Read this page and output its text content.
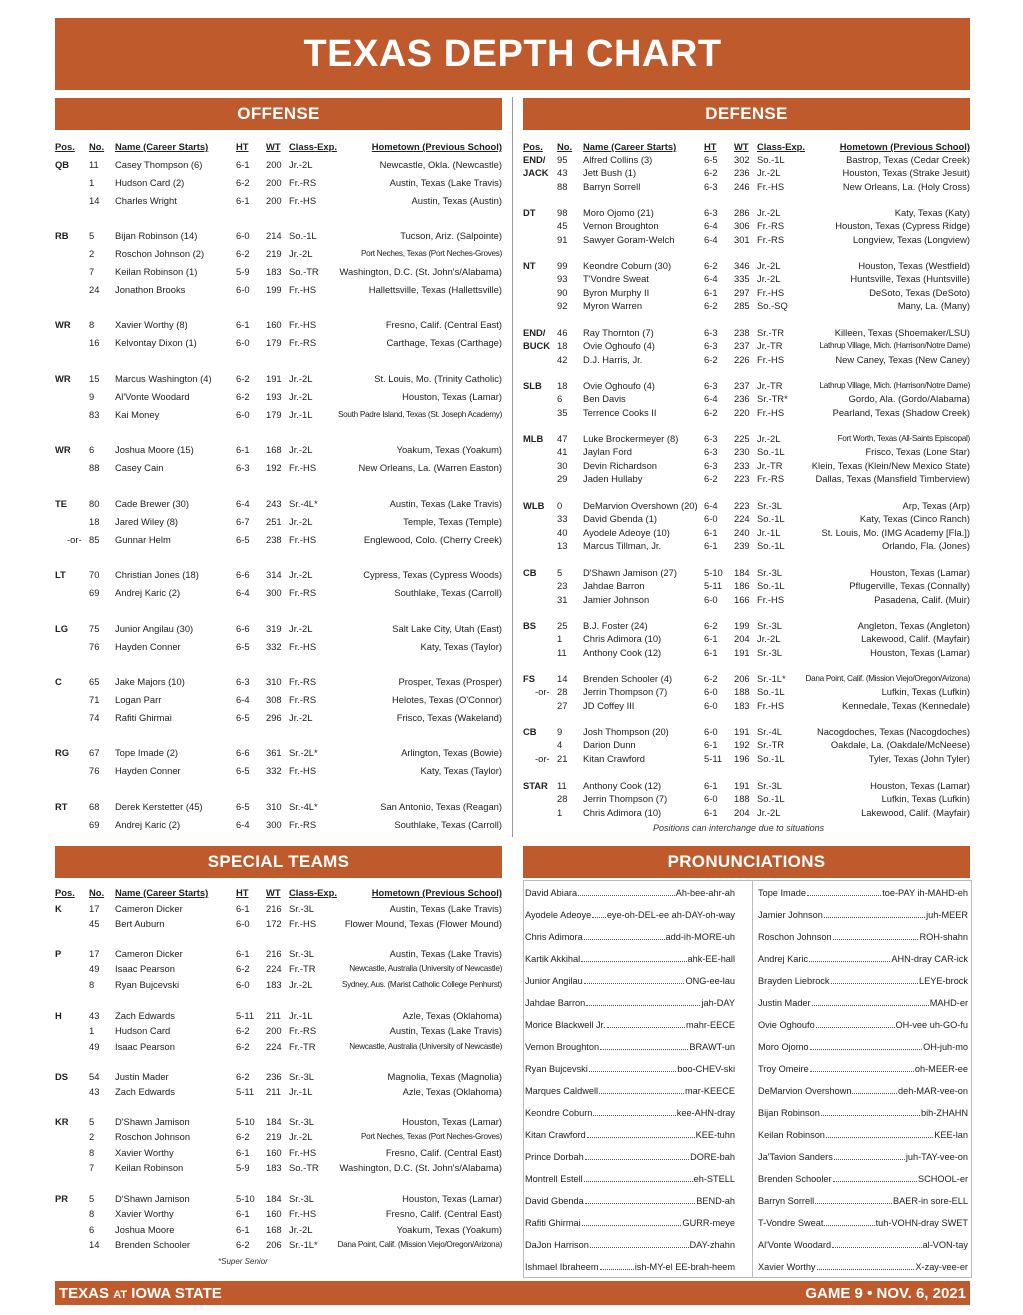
TEXAS DEPTH CHART
OFFENSE	DEFENSE
Pos. No. Name (Career Starts)	HT WT Class-Exp.	Hometown (Previous School)
QB 11 Casey Thompson (6)	6-1 200 Jr.-2L	Newcastle, Okla. (Newcastle)
1 Hudson Card (2)	6-2 200 Fr.-RS	Austin, Texas (Lake Travis)
14 Charles Wright	6-1 200 Fr.-HS	Austin, Texas (Austin)
RB 5 Bijan Robinson (14)	6-0 214 So.-1L	Tucson, Ariz. (Salpointe)
2 Roschon Johnson (2)	6-2 219 Jr.-2L	Port Neches, Texas (Port Neches-Groves)
7 Keilan Robinson (1)	5-9 183 So.-TR Washington, D.C. (St. John's/Alabama)
24 Jonathon Brooks	6-0 199 Fr.-HS	Hallettsville, Texas (Hallettsville)
WR 8 Xavier Worthy (8)	6-1 160 Fr.-HS	Fresno, Calif. (Central East)
16 Kelvontay Dixon (1)	6-0 179 Fr.-RS	Carthage, Texas (Carthage)
WR 15 Marcus Washington (4)	6-2 191 Jr.-2L	St. Louis, Mo. (Trinity Catholic)
9 Al'Vonte Woodard	6-2 193 Jr.-2L	Houston, Texas (Lamar)
83 Kai Money	6-0 179 Jr.-1L	South Padre Island, Texas (St. Joseph Academy)
WR 6 Joshua Moore (15)	6-1 168 Jr.-2L	Yoakum, Texas (Yoakum)
88 Casey Cain	6-3 192 Fr.-HS	New Orleans, La. (Warren Easton)
TE 80 Cade Brewer (30)	6-4 243 Sr.-4L*	Austin, Texas (Lake Travis)
18 Jared Wiley (8)	6-7 251 Jr.-2L	Temple, Texas (Temple)
-or- 85 Gunnar Helm	6-5 238 Fr.-HS	Englewood, Colo. (Cherry Creek)
LT 70 Christian Jones (18)	6-6 314 Jr.-2L	Cypress, Texas (Cypress Woods)
69 Andrej Karic (2)	6-4 300 Fr.-RS	Southlake, Texas (Carroll)
LG 75 Junior Angilau (30)	6-6 319 Jr.-2L	Salt Lake City, Utah (East)
76 Hayden Conner	6-5 332 Fr.-HS	Katy, Texas (Taylor)
C	65 Jake Majors (10)	6-3 310 Fr.-RS	Prosper, Texas (Prosper)
71 Logan Parr	6-4 308 Fr.-RS	Helotes, Texas (O'Connor)
74 Rafiti Ghirmai	6-5 296 Jr.-2L	Frisco, Texas (Wakeland)
RG 67 Tope Imade (2)	6-6 361 Sr.-2L*	Arlington, Texas (Bowie)
76 Hayden Conner	6-5 332 Fr.-HS	Katy, Texas (Taylor)
RT 68 Derek Kerstetter (45)	6-5 310 Sr.-4L*	San Antonio, Texas (Reagan)
69 Andrej Karic (2)	6-4 300 Fr.-RS	Southlake, Texas (Carroll)
Pos. No. Name (Career Starts)	HT WT Class-Exp.	Hometown (Previous School)
END/
JACK
95 Alfred Collins (3)	6-5 302 So.-1L	Bastrop, Texas (Cedar Creek)
43 Jett Bush (1)	6-2 236 Jr.-2L	Houston, Texas (Strake Jesuit)
88 Barryn Sorrell	6-3 246 Fr.-HS	New Orleans, La. (Holy Cross)
DT 98 Moro Ojomo (21)	6-3 286 Jr.-2L	Katy, Texas (Katy)
45 Vernon Broughton	6-4 306 Fr.-RS	Houston, Texas (Cypress Ridge)
91 Sawyer Goram-Welch	6-4 301 Fr.-RS	Longview, Texas (Longview)
NT 99 Keondre Coburn (30)	6-2 346 Jr.-2L	Houston, Texas (Westfield)
93 T'Vondre Sweat	6-4 335 Jr.-2L	Huntsville, Texas (Huntsville)
90 Byron Murphy II	6-1 297 Fr.-HS	DeSoto, Texas (DeSoto)
92 Myron Warren	6-2 285 So.-SQ	Many, La. (Many)
END/
BUCK
46 Ray Thornton (7)	6-3 238 Sr.-TR	Killeen, Texas (Shoemaker/LSU)
18 Ovie Oghoufo (4)	6-3 237 Jr.-TR	Lathrup Village, Mich. (Harrison/Notre Dame)
42 D.J. Harris, Jr.	6-2 226 Fr.-HS	New Caney, Texas (New Caney)
SLB 18 Ovie Oghoufo (4)	6-3 237 Jr.-TR	Lathrup Village, Mich. (Harrison/Notre Dame)
6 Ben Davis	6-4 236 Sr.-TR*	Gordo, Ala. (Gordo/Alabama)
35 Terrence Cooks II	6-2 220 Fr.-HS	Pearland, Texas (Shadow Creek)
MLB 47 Luke Brockermeyer (8)	6-3 225 Jr.-2L	Fort Worth, Texas (All-Saints Episcopal)
41 Jaylan Ford	6-3 230 So.-1L	Frisco, Texas (Lone Star)
30 Devin Richardson	6-3 233 Jr.-TR	Klein, Texas (Klein/New Mexico State)
29 Jaden Hullaby	6-2 223 Fr.-RS	Dallas, Texas (Mansfield Timberview)
WLB 0 DeMarvion Overshown (20) 6-4 223 Sr.-3L	Arp, Texas (Arp)
33 David Gbenda (1)	6-0 224 So.-1L	Katy, Texas (Cinco Ranch)
40 Ayodele Adeoye (10)	6-1 240 Jr.-1L	St. Louis, Mo. (IMG Academy [Fla.])
13 Marcus Tillman, Jr.	6-1 239 So.-1L	Orlando, Fla. (Jones)
CB 5 D'Shawn Jamison (27)	5-10 184 Sr.-3L	Houston, Texas (Lamar)
23 Jahdae Barron	5-11 186 So.-1L	Pflugerville, Texas (Connally)
31 Jamier Johnson	6-0 166 Fr.-HS	Pasadena, Calif. (Muir)
BS 25 B.J. Foster (24)	6-2 199 Sr.-3L	Angleton, Texas (Angleton)
1 Chris Adimora (10)	6-1 204 Jr.-2L	Lakewood, Calif. (Mayfair)
11 Anthony Cook (12)	6-1 191 Sr.-3L	Houston, Texas (Lamar)
FS 14 Brenden Schooler (4)	6-2 206 Sr.-1L* Dana Point, Calif. (Mission Viejo/Oregon/Arizona)
-or- 28 Jerrin Thompson (7)	6-0 188 So.-1L	Lufkin, Texas (Lufkin)
27 JD Coffey III	6-0 183 Fr.-HS	Kennedale, Texas (Kennedale)
CB 9 Josh Thompson (20)	6-0 191 Sr.-4L	Nacogdoches, Texas (Nacogdoches)
4 Darion Dunn	6-1 192 Sr.-TR	Oakdale, La. (Oakdale/McNeese)
-or- 21 Kitan Crawford	5-11 196 So.-1L	Tyler, Texas (John Tyler)
STAR 11 Anthony Cook (12)	6-1 191 Sr.-3L	Houston, Texas (Lamar)
28 Jerrin Thompson (7)	6-0 188 So.-1L	Lufkin, Texas (Lufkin)
1 Chris Adimora (10)	6-1 204 Jr.-2L	Lakewood, Calif. (Mayfair)
Positions can interchange due to situations
SPECIAL TEAMS	PRONUNCIATIONS
Pos. No. Name (Career Starts)	HT WT Class-Exp.	Hometown (Previous School)
K	17 Cameron Dicker	6-1 216 Sr.-3L	Austin, Texas (Lake Travis)
45 Bert Auburn	6-0 172 Fr.-HS	Flower Mound, Texas (Flower Mound)
P	17 Cameron Dicker	6-1 216 Sr.-3L	Austin, Texas (Lake Travis)
49 Isaac Pearson	6-2 224 Fr.-TR	Newcastle, Australia (University of Newcastle)
8 Ryan Bujcevski	6-0 183 Jr.-2L	Sydney, Aus. (Marist Catholic College Penhurst)
H	43 Zach Edwards	5-11 211 Jr.-1L	Azle, Texas (Oklahoma)
1 Hudson Card	6-2 200 Fr.-RS	Austin, Texas (Lake Travis)
49 Isaac Pearson	6-2 224 Fr.-TR	Newcastle, Australia (University of Newcastle)
DS 54 Justin Mader	6-2 236 Sr.-3L	Magnolia, Texas (Magnolia)
43 Zach Edwards	5-11 211 Jr.-1L	Azle, Texas (Oklahoma)
KR 5 D'Shawn Jamison	5-10 184 Sr.-3L	Houston, Texas (Lamar)
2 Roschon Johnson	6-2 219 Jr.-2L	Port Neches, Texas (Port Neches-Groves)
8 Xavier Worthy	6-1 160 Fr.-HS	Fresno, Calif. (Central East)
7 Keilan Robinson	5-9 183 So.-TR Washington, D.C. (St. John's/Alabama)
PR 5 D'Shawn Jamison	5-10 184 Sr.-3L	Houston, Texas (Lamar)
8 Xavier Worthy	6-1 160 Fr.-HS	Fresno, Calif. (Central East)
6 Joshua Moore	6-1 168 Jr.-2L	Yoakum, Texas (Yoakum)
14 Brenden Schooler	6-2 206 Sr.-1L* Dana Point, Calif. (Mission Viejo/Oregon/Arizona)
*Super Senior
David Abiara	Ah-bee-ahr-ah
Ayodele Adeoye eye-oh-DEL-ee ah-DAY-oh-way
Chris Adimora	add-ih-MORE-uh
Kartik Akkihal	ahk-EE-hall
Junior Angilau	ONG-ee-lau
Jahdae Barron	jah-DAY
Morice Blackwell Jr.	mahr-EECE
Vernon Broughton	BRAWT-un
Ryan Bujcevski	boo-CHEV-ski
Marques Caldwell	mar-KEECE
Keondre Coburn	kee-AHN-dray
Kitan Crawford	KEE-tuhn
Prince Dorbah	DORE-bah
Montrell Estell	eh-STELL
David Gbenda	BEND-ah
Rafiti Ghirmai	GURR-meye
DaJon Harrison	DAY-zhahn
Ishmael Ibraheem	ish-MY-el EE-brah-heem
Tope Imade	toe-PAY ih-MAHD-eh
Jamier Johnson	juh-MEER
Roschon Johnson	ROH-shahn
Andrej Karic	AHN-dray CAR-ick
Brayden Liebrock	LEYE-brock
Justin Mader	MAHD-er
Ovie Oghoufo	OH-vee uh-GO-fu
Moro Ojomo	OH-juh-mo
Troy Omeire	oh-MEER-ee
DeMarvion Overshown	deh-MAR-vee-on
Bijan Robinson	bih-ZHAHN
Keilan Robinson	KEE-lan
Ja'Tavion Sanders	juh-TAY-vee-on
Brenden Schooler	SCHOOL-er
Barryn Sorrell	BAER-in sore-ELL
T-Vondre Sweat	tuh-VOHN-dray SWET
Al'Vonte Woodard	al-VON-tay
Xavier Worthy	X-zay-vee-er
TEXAS AT IOWA STATE	GAME 9 • NOV. 6, 2021
